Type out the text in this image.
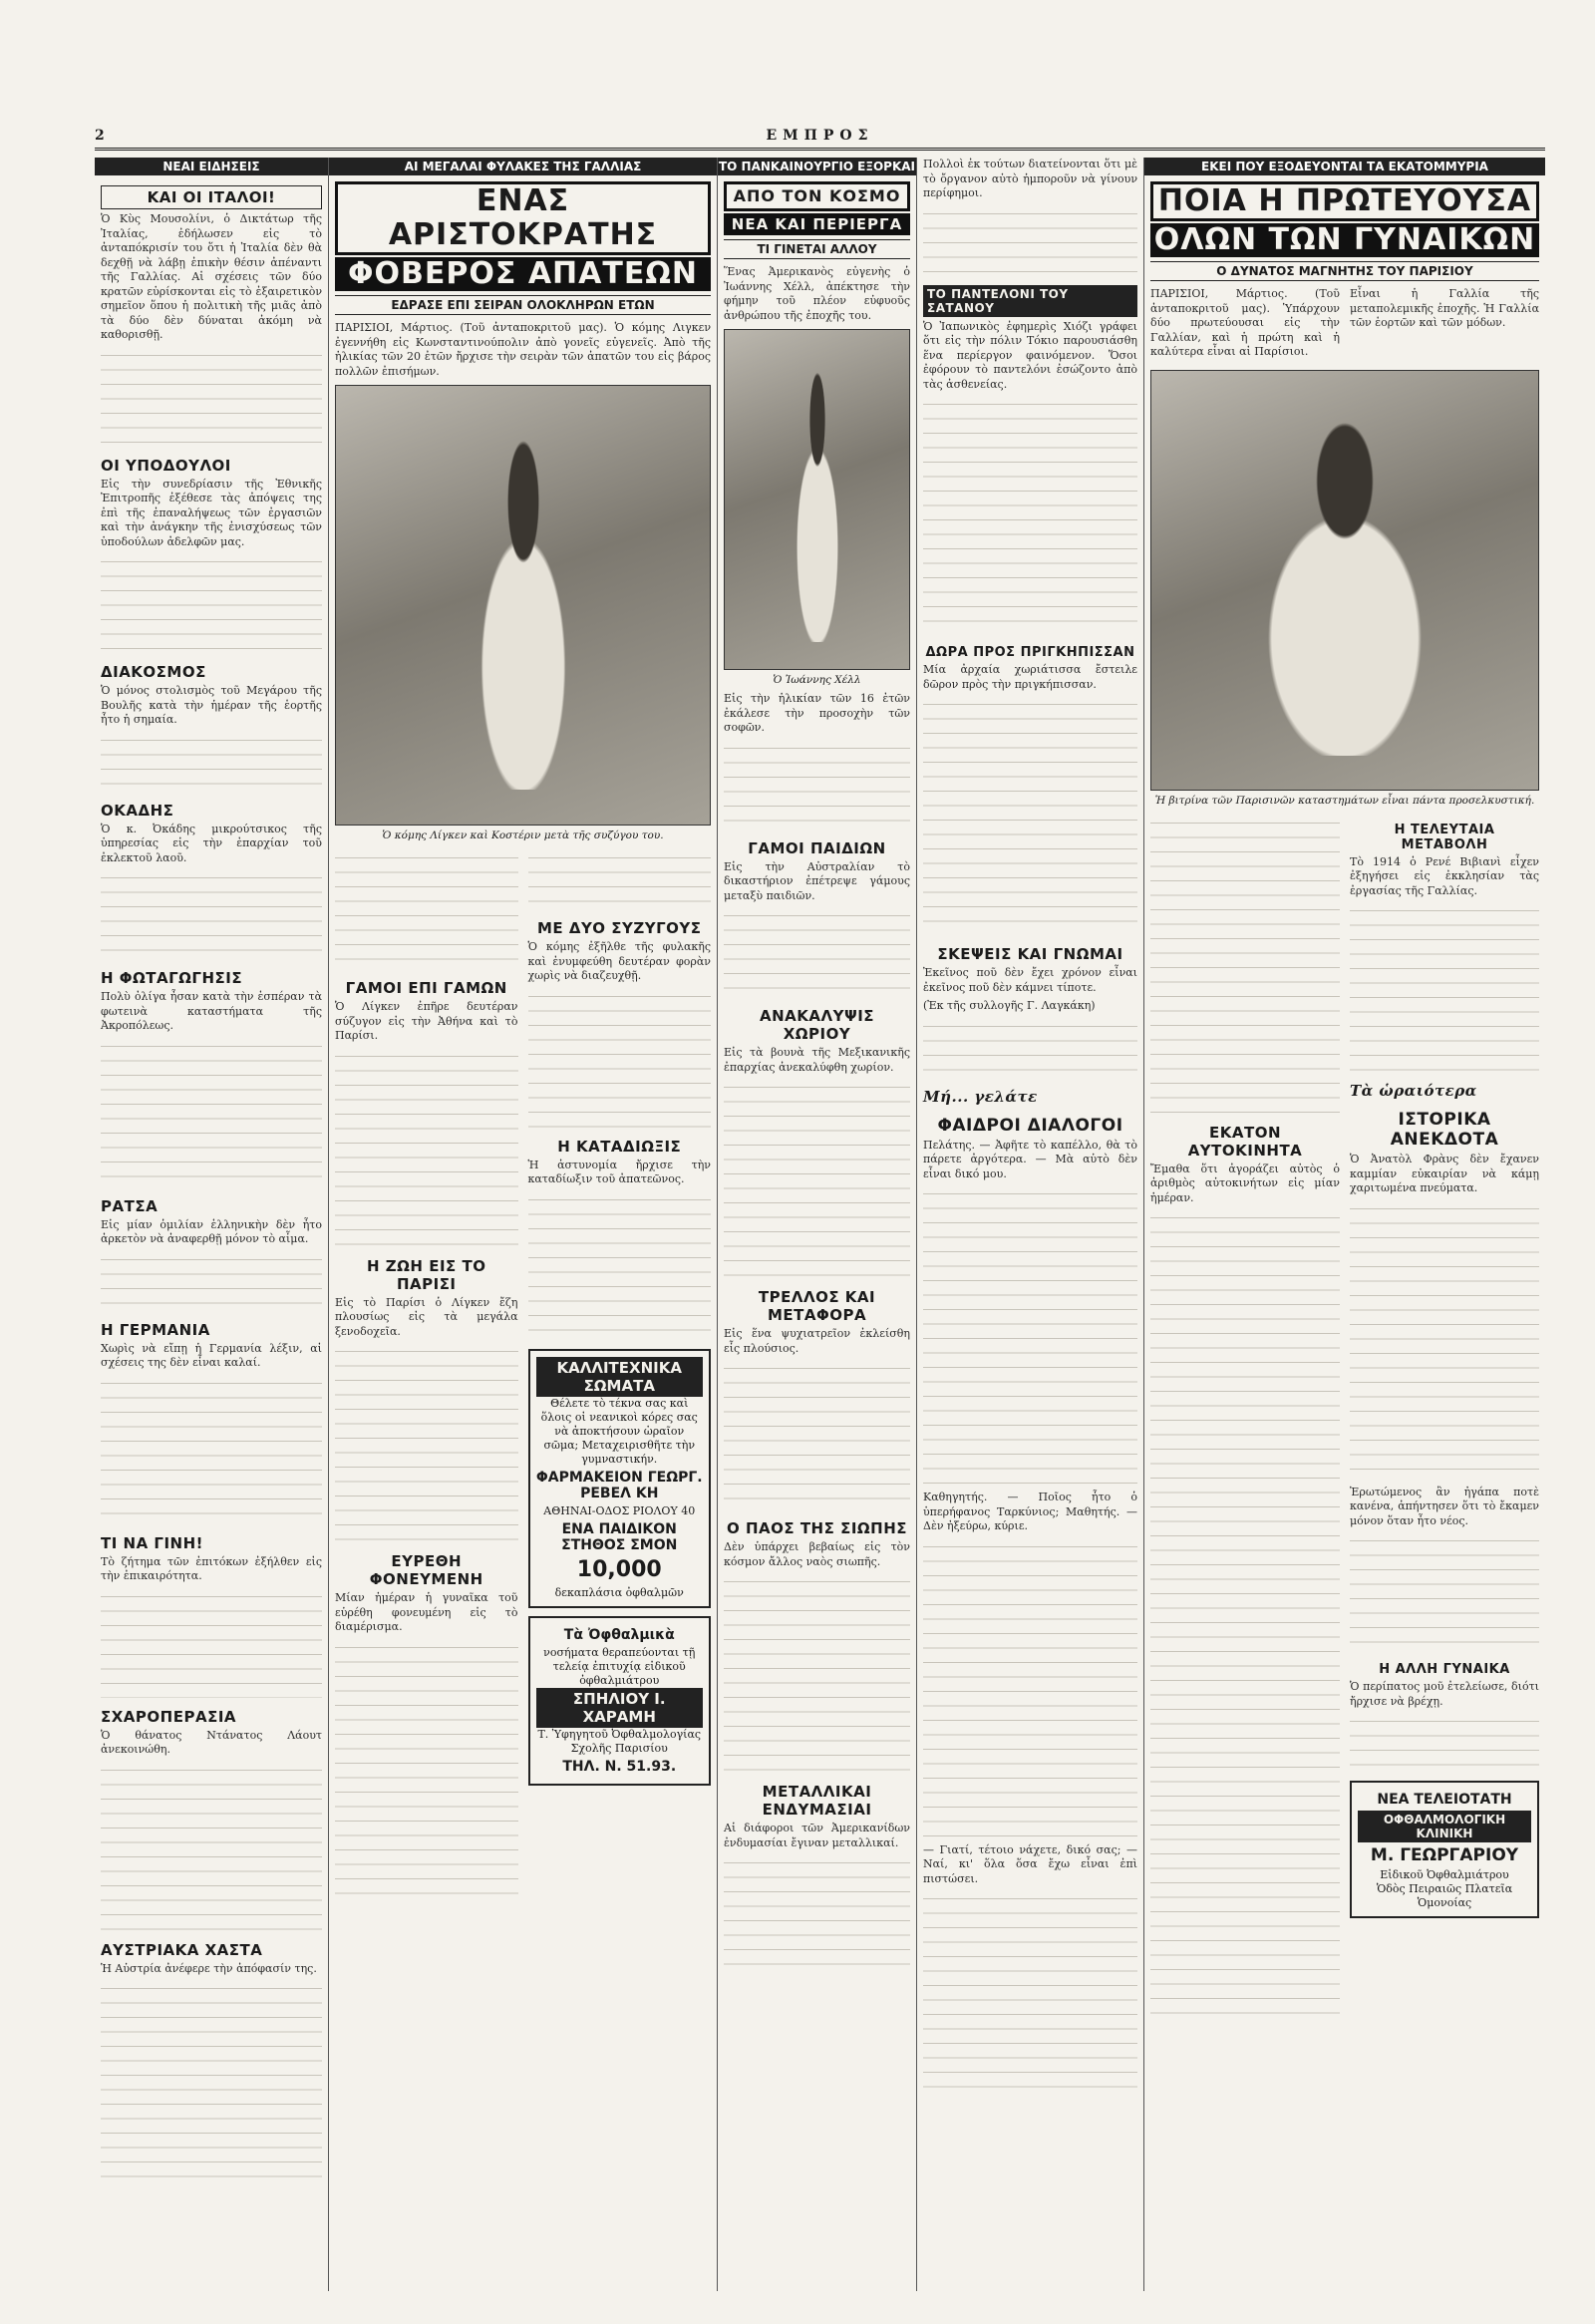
2	ΕΜΠΡΟΣ
ΝΕΑΙ ΕΙΔΗΣΕΙΣ
ΚΑΙ ΟΙ ΙΤΑΛΟΙ!

Ὁ Κὺς Μουσολίνι, ὁ Δικτάτωρ τῆς Ἰταλίας, ἐδήλωσεν εἰς τὸ ἀνταπόκρισίν του ὅτι ἡ Ἰταλία δὲν θὰ δεχθῇ νὰ λάβῃ ἐπικὴν θέσιν ἀπέναντι τῆς Γαλλίας. Αἱ σχέσεις τῶν δύο κρατῶν εὑρίσκονται εἰς τὸ ἐξαιρετικὸν σημεῖον ὅπου ἡ πολιτικὴ τῆς μιᾶς ἀπὸ τὰ δύο δὲν δύναται ἀκόμη νὰ καθορισθῇ.

ΟΙ ΥΠΟΔΟΥΛΟΙ

Εἰς τὴν συνεδρίασιν τῆς Ἐθνικῆς Ἐπιτροπῆς ἐξέθεσε τὰς ἀπόψεις της ἐπὶ τῆς ἐπαναλήψεως τῶν ἐργασιῶν καὶ τὴν ἀνάγκην τῆς ἐνισχύσεως τῶν ὑποδούλων ἀδελφῶν μας.

ΔΙΑΚΟΣΜΟΣ

Ὁ μόνος στολισμὸς τοῦ Μεγάρου τῆς Βουλῆς κατὰ τὴν ἡμέραν τῆς ἑορτῆς ἦτο ἡ σημαία.

ΟΚΑΔΗΣ

Ὁ κ. Ὀκάδης μικρούτσικος τῆς ὑπηρεσίας εἰς τὴν ἐπαρχίαν τοῦ ἐκλεκτοῦ λαοῦ.

Η ΦΩΤΑΓΩΓΗΣΙΣ

Πολὺ ὀλίγα ἦσαν κατὰ τὴν ἑσπέραν τὰ φωτεινὰ καταστήματα τῆς Ἀκροπόλεως.

ΡΑΤΣΑ

Εἰς μίαν ὁμιλίαν ἑλληνικὴν δὲν ἦτο ἀρκετὸν νὰ ἀναφερθῇ μόνον τὸ αἷμα.

Η ΓΕΡΜΑΝΙΑ

Χωρὶς νὰ εἴπῃ ἡ Γερμανία λέξιν, αἱ σχέσεις της δὲν εἶναι καλαί.

ΤΙ ΝΑ ΓΙΝΗ!

Τὸ ζήτημα τῶν ἐπιτόκων ἐξήλθεν εἰς τὴν ἐπικαιρότητα.

ΣΧΑΡΟΠΕΡΑΣΙΑ

Ὁ θάνατος Ντάνατος Λάουτ ἀνεκοινώθη.

ΑΥΣΤΡΙΑΚΑ ΧΑΣΤΑ

Ἡ Αὐστρία ἀνέφερε τὴν ἀπόφασίν της.

ΑΙ ΜΕΓΑΛΑΙ ΦΥΛΑΚΕΣ ΤΗΣ ΓΑΛΛΙΑΣ
ΕΝΑΣ ΑΡΙΣΤΟΚΡΑΤΗΣ
ΦΟΒΕΡΟΣ ΑΠΑΤΕΩΝ
ΕΔΡΑΣΕ ΕΠΙ ΣΕΙΡΑΝ ΟΛΟΚΛΗΡΩΝ ΕΤΩΝ

ΠΑΡΙΣΙΟΙ, Μάρτιος. (Τοῦ ἀνταποκριτοῦ μας). Ὁ κόμης Λιγκεν ἐγεννήθη εἰς Κωνσταντινούπολιν ἀπὸ γονεῖς εὐγενεῖς. Ἀπὸ τῆς ἡλικίας τῶν 20 ἐτῶν ἤρχισε τὴν σειρὰν τῶν ἀπατῶν του εἰς βάρος πολλῶν ἐπισήμων.

Ὁ κόμης Λίγκεν καὶ Κοστέριν μετὰ τῆς συζύγου του.

ΓΑΜΟΙ ΕΠΙ ΓΑΜΩΝ

Ὁ Λίγκεν ἐπῆρε δευτέραν σύζυγον εἰς τὴν Ἀθήνα καὶ τὸ Παρίσι.

Η ΖΩΗ ΕΙΣ ΤΟ ΠΑΡΙΣΙ

Εἰς τὸ Παρίσι ὁ Λίγκεν ἔζη πλουσίως εἰς τὰ μεγάλα ξενοδοχεῖα.

ΕΥΡΕΘΗ ΦΟΝΕΥΜΕΝΗ

Μίαν ἡμέραν ἡ γυναῖκα τοῦ εὑρέθη φονευμένη εἰς τὸ διαμέρισμα.

ΜΕ ΔΥΟ ΣΥΖΥΓΟΥΣ

Ὁ κόμης ἐξῆλθε τῆς φυλακῆς καὶ ἐνυμφεύθη δευτέραν φορὰν χωρὶς νὰ διαζευχθῇ.

Η ΚΑΤΑΔΙΩΞΙΣ

Ἡ ἀστυνομία ἤρχισε τὴν καταδίωξιν τοῦ ἀπατεῶνος.

ΚΑΛΛΙΤΕΧΝΙΚΑ ΣΩΜΑΤΑ
Θέλετε τὸ τέκνα σας καὶ ὅλοις οἱ νεανικοὶ κόρες σας νὰ ἀποκτήσουν ὡραῖον σῶμα; Μεταχειρισθῆτε τὴν γυμναστικήν.
ΦΑΡΜΑΚΕΙΟΝ ΓΕΩΡΓ. ΡΕΒΕΛ ΚΗ
ΑΘΗΝΑΙ-ΟΔΟΣ ΡΙΟΛΟΥ 40
ΕΝΑ ΠΑΙΔΙΚΟΝ ΣΤΗΘΟΣ ΣΜΟΝ
10,000
δεκαπλάσια ὀφθαλμῶν
Τὰ Ὀφθαλμικὰ
νοσήματα θεραπεύονται τῇ τελείᾳ ἐπιτυχίᾳ εἰδικοῦ ὀφθαλμιάτρου
ΣΠΗΛΙΟΥ Ι. ΧΑΡΑΜΗ
Τ. Ὑφηγητοῦ Ὀφθαλμολογίας Σχολῆς Παρισίου
ΤΗΛ. Ν. 51.93.
ΤΟ ΠΑΝΚΑΙΝΟΥΡΓΙΟ ΕΞΟΡΚΑΙ
ΑΠΟ ΤΟΝ ΚΟΣΜΟ
ΝΕΑ ΚΑΙ ΠΕΡΙΕΡΓΑ
ΤΙ ΓΙΝΕΤΑΙ ΑΛΛΟΥ

Ἕνας Ἀμερικανὸς εὐγενὴς ὁ Ἰωάννης Χέλλ, ἀπέκτησε τὴν φήμην τοῦ πλέον εὐφυοῦς ἀνθρώπου τῆς ἐποχῆς του.

Ὁ Ἰωάννης Χέλλ

Εἰς τὴν ἡλικίαν τῶν 16 ἐτῶν ἐκάλεσε τὴν προσοχὴν τῶν σοφῶν.

ΓΑΜΟΙ ΠΑΙΔΙΩΝ

Εἰς τὴν Αὐστραλίαν τὸ δικαστήριον ἐπέτρεψε γάμους μεταξὺ παιδιῶν.

ΑΝΑΚΑΛΥΨΙΣ ΧΩΡΙΟΥ

Εἰς τὰ βουνὰ τῆς Μεξικανικῆς ἐπαρχίας ἀνεκαλύφθη χωρίον.

ΤΡΕΛΛΟΣ ΚΑΙ ΜΕΤΑΦΟΡΑ

Εἰς ἕνα ψυχιατρεῖον ἐκλείσθη εἷς πλούσιος.

Ο ΠΑΟΣ ΤΗΣ ΣΙΩΠΗΣ

Δὲν ὑπάρχει βεβαίως εἰς τὸν κόσμον ἄλλος ναὸς σιωπῆς.

ΜΕΤΑΛΛΙΚΑΙ ΕΝΔΥΜΑΣΙΑΙ

Αἱ διάφοροι τῶν Ἀμερικανίδων ἐνδυμασίαι ἔγιναν μεταλλικαί.

Πολλοὶ ἐκ τούτων διατείνονται ὅτι μὲ τὸ ὄργανον αὐτὸ ἠμποροῦν νὰ γίνουν περίφημοι.

ΤΟ ΠΑΝΤΕΛΟΝΙ ΤΟΥ ΣΑΤΑΝΟΥ

Ὁ Ἰαπωνικὸς ἐφημερὶς Χιόζι γράφει ὅτι εἰς τὴν πόλιν Τόκιο παρουσιάσθη ἕνα περίεργον φαινόμενον. Ὅσοι ἐφόρουν τὸ παντελόνι ἐσώζοντο ἀπὸ τὰς ἀσθενείας.

ΔΩΡΑ ΠΡΟΣ ΠΡΙΓΚΗΠΙΣΣΑΝ

Μία ἀρχαία χωριάτισσα ἔστειλε δῶρον πρὸς τὴν πριγκήπισσαν.

ΣΚΕΨΕΙΣ ΚΑΙ ΓΝΩΜΑΙ

Ἐκεῖνος ποῦ δὲν ἔχει χρόνον εἶναι ἐκεῖνος ποῦ δὲν κάμνει τίποτε.

(Ἐκ τῆς συλλογῆς Γ. Λαγκάκη)

Μή... γελάτε
ΦΑΙΔΡΟΙ ΔΙΑΛΟΓΟΙ

Πελάτης. — Ἀφῆτε τὸ καπέλλο, θὰ τὸ πάρετε ἀργότερα. — Μὰ αὐτὸ δὲν εἶναι δικό μου.

Καθηγητής. — Ποῖος ἦτο ὁ ὑπερήφανος Ταρκύνιος; Μαθητής. — Δὲν ἠξεύρω, κύριε.

— Γιατί, τέτοιο νάχετε, δικό σας; — Ναί, κι' ὅλα ὅσα ἔχω εἶναι ἐπὶ πιστώσει.

ΕΚΕΙ ΠΟΥ ΕΞΟΔΕΥΟΝΤΑΙ ΤΑ ΕΚΑΤΟΜΜΥΡΙΑ
ΠΟΙΑ Η ΠΡΩΤΕΥΟΥΣΑ
ΟΛΩΝ ΤΩΝ ΓΥΝΑΙΚΩΝ
Ο ΔΥΝΑΤΟΣ ΜΑΓΝΗΤΗΣ ΤΟΥ ΠΑΡΙΣΙΟΥ

ΠΑΡΙΣΙΟΙ, Μάρτιος. (Τοῦ ἀνταποκριτοῦ μας). Ὑπάρχουν δύο πρωτεύουσαι εἰς τὴν Γαλλίαν, καὶ ἡ πρώτη καὶ ἡ καλύτερα εἶναι αἱ Παρίσιοι.

Εἶναι ἡ Γαλλία τῆς μεταπολεμικῆς ἐποχῆς. Ἡ Γαλλία τῶν ἑορτῶν καὶ τῶν μόδων.

Ἡ βιτρίνα τῶν Παρισινῶν καταστημάτων εἶναι πάντα προσελκυστική.

ΕΚΑΤΟΝ ΑΥΤΟΚΙΝΗΤΑ

Ἔμαθα ὅτι ἀγοράζει αὐτὸς ὁ ἀριθμὸς αὐτοκινήτων εἰς μίαν ἡμέραν.

Η ΤΕΛΕΥΤΑΙΑ ΜΕΤΑΒΟΛΗ

Τὸ 1914 ὁ Ρενέ Βιβιανὶ εἶχεν ἐξηγήσει εἰς ἐκκλησίαν τὰς ἐργασίας τῆς Γαλλίας.

Τὰ ὡραιότερα
ΙΣΤΟΡΙΚΑ ΑΝΕΚΔΟΤΑ

Ὁ Ἀνατὸλ Φρὰνς δὲν ἔχανεν καμμίαν εὐκαιρίαν νὰ κάμῃ χαριτωμένα πνεύματα.

Ἐρωτώμενος ἂν ἠγάπα ποτὲ κανένα, ἀπήντησεν ὅτι τὸ ἔκαμεν μόνον ὅταν ἦτο νέος.

Η ΑΛΛΗ ΓΥΝΑΙΚΑ

Ὁ περίπατος μοῦ ἐτελείωσε, διότι ἤρχισε νὰ βρέχῃ.

ΝΕΑ ΤΕΛΕΙΟΤΑΤΗ
ΟΦΘΑΛΜΟΛΟΓΙΚΗ ΚΛΙΝΙΚΗ
Μ. ΓΕΩΡΓΑΡΙΟΥ
Εἰδικοῦ Ὀφθαλμιάτρου
Ὁδὸς Πειραιῶς Πλατεῖα Ὁμονοίας
